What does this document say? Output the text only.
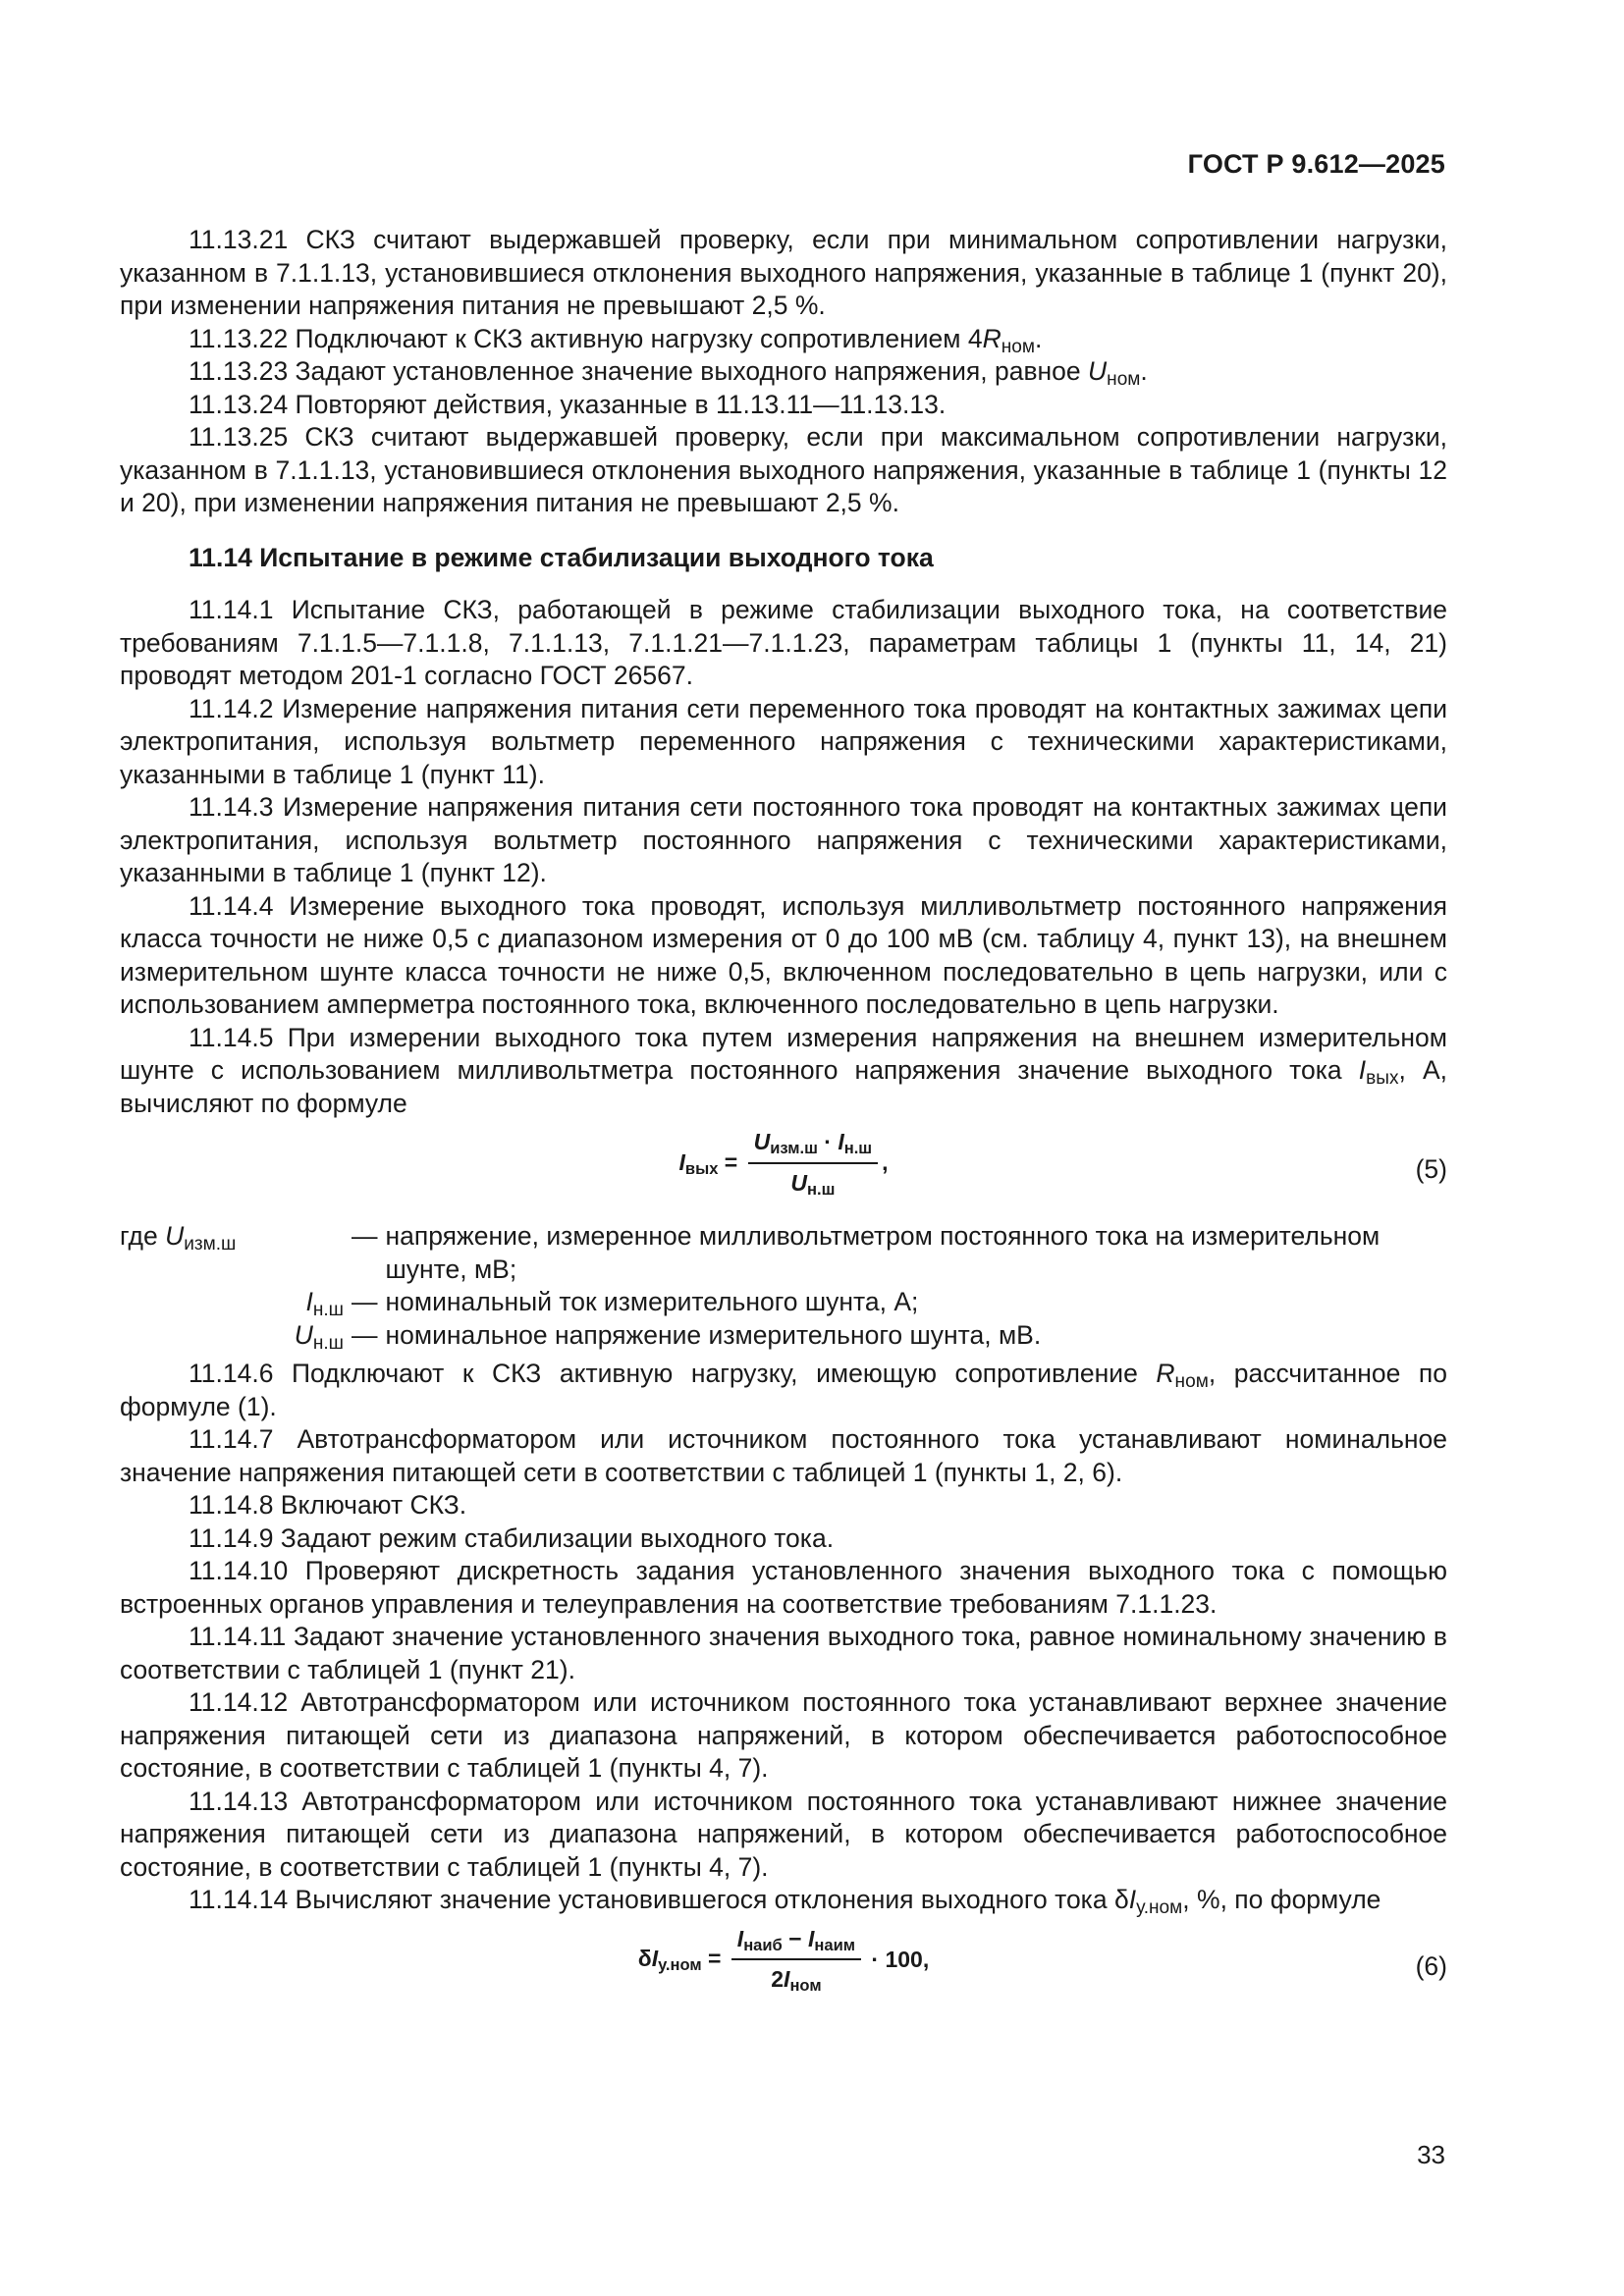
ГОСТ Р 9.612—2025

11.13.21 СКЗ считают выдержавшей проверку, если при минимальном сопротивлении нагрузки, указанном в 7.1.1.13, установившиеся отклонения выходного напряжения, указанные в таблице 1 (пункт 20), при изменении напряжения питания не превышают 2,5 %.

11.13.22 Подключают к СКЗ активную нагрузку сопротивлением $4R_{ном}$.

11.13.23 Задают установленное значение выходного напряжения, равное $U_{ном}$.

11.13.24 Повторяют действия, указанные в 11.13.11—11.13.13.

11.13.25 СКЗ считают выдержавшей проверку, если при максимальном сопротивлении нагрузки, указанном в 7.1.1.13, установившиеся отклонения выходного напряжения, указанные в таблице 1 (пункты 12 и 20), при изменении напряжения питания не превышают 2,5 %.

11.14 Испытание в режиме стабилизации выходного тока

11.14.1 Испытание СКЗ, работающей в режиме стабилизации выходного тока, на соответствие требованиям 7.1.1.5—7.1.1.8, 7.1.1.13, 7.1.1.21—7.1.1.23, параметрам таблицы 1 (пункты 11, 14, 21) проводят методом 201-1 согласно ГОСТ 26567.

11.14.2 Измерение напряжения питания сети переменного тока проводят на контактных зажимах цепи электропитания, используя вольтметр переменного напряжения с техническими характеристиками, указанными в таблице 1 (пункт 11).

11.14.3 Измерение напряжения питания сети постоянного тока проводят на контактных зажимах цепи электропитания, используя вольтметр постоянного напряжения с техническими характеристиками, указанными в таблице 1 (пункт 12).

11.14.4 Измерение выходного тока проводят, используя милливольтметр постоянного напряжения класса точности не ниже 0,5 с диапазоном измерения от 0 до 100 мВ (см. таблицу 4, пункт 13), на внешнем измерительном шунте класса точности не ниже 0,5, включенном последовательно в цепь нагрузки, или с использованием амперметра постоянного тока, включенного последовательно в цепь нагрузки.

11.14.5 При измерении выходного тока путем измерения напряжения на внешнем измерительном шунте с использованием милливольтметра постоянного напряжения значение выходного тока $I_{вых}$, А, вычисляют по формуле

$I_{вых} = \frac{U_{изм.ш} \cdot I_{н.ш}}{U_{н.ш}}$ ,	(5)
где $U_{изм.ш}$	— напряжение, измеренное милливольтметром постоянного тока на измерительном шунте, мВ;
$I_{н.ш}$ — номинальный ток измерительного шунта, А;
$U_{н.ш}$ — номинальное напряжение измерительного шунта, мВ.

11.14.6 Подключают к СКЗ активную нагрузку, имеющую сопротивление $R_{ном}$, рассчитанное по формуле (1).

11.14.7 Автотрансформатором или источником постоянного тока устанавливают номинальное значение напряжения питающей сети в соответствии с таблицей 1 (пункты 1, 2, 6).

11.14.8 Включают СКЗ.

11.14.9 Задают режим стабилизации выходного тока.

11.14.10 Проверяют дискретность задания установленного значения выходного тока с помощью встроенных органов управления и телеуправления на соответствие требованиям 7.1.1.23.

11.14.11 Задают значение установленного значения выходного тока, равное номинальному значению в соответствии с таблицей 1 (пункт 21).

11.14.12 Автотрансформатором или источником постоянного тока устанавливают верхнее значение напряжения питающей сети из диапазона напряжений, в котором обеспечивается работоспособное состояние, в соответствии с таблицей 1 (пункты 4, 7).

11.14.13 Автотрансформатором или источником постоянного тока устанавливают нижнее значение напряжения питающей сети из диапазона напряжений, в котором обеспечивается работоспособное состояние, в соответствии с таблицей 1 (пункты 4, 7).

11.14.14 Вычисляют значение установившегося отклонения выходного тока $\delta I_{у.ном}$, %, по формуле

$\delta I_{у.ном} = \frac{I_{наиб} - I_{наим}}{2I_{ном}} \cdot 100$,	(6)
33
